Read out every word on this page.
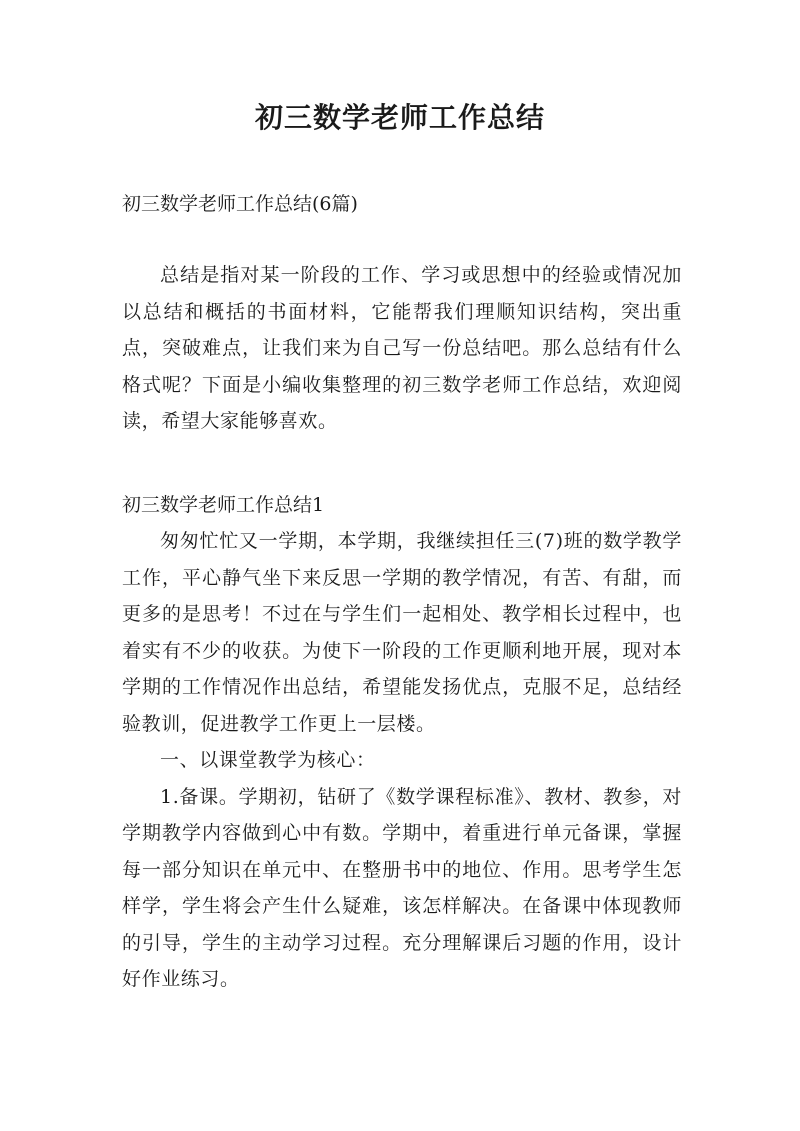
初三数学老师工作总结

初三数学老师工作总结(6篇)

总结是指对某一阶段的工作、学习或思想中的经验或情况加以总结和概括的书面材料，它能帮我们理顺知识结构，突出重点，突破难点，让我们来为自己写一份总结吧。那么总结有什么格式呢？下面是小编收集整理的初三数学老师工作总结，欢迎阅读，希望大家能够喜欢。

初三数学老师工作总结1

匆匆忙忙又一学期，本学期，我继续担任三(7)班的数学教学工作，平心静气坐下来反思一学期的教学情况，有苦、有甜，而更多的是思考！不过在与学生们一起相处、教学相长过程中，也着实有不少的收获。为使下一阶段的工作更顺利地开展，现对本学期的工作情况作出总结，希望能发扬优点，克服不足，总结经验教训，促进教学工作更上一层楼。

一、以课堂教学为核心：

1.备课。学期初，钻研了《数学课程标准》、教材、教参，对学期教学内容做到心中有数。学期中，着重进行单元备课，掌握每一部分知识在单元中、在整册书中的地位、作用。思考学生怎样学，学生将会产生什么疑难，该怎样解决。在备课中体现教师的引导，学生的主动学习过程。充分理解课后习题的作用，设计好作业练习。
